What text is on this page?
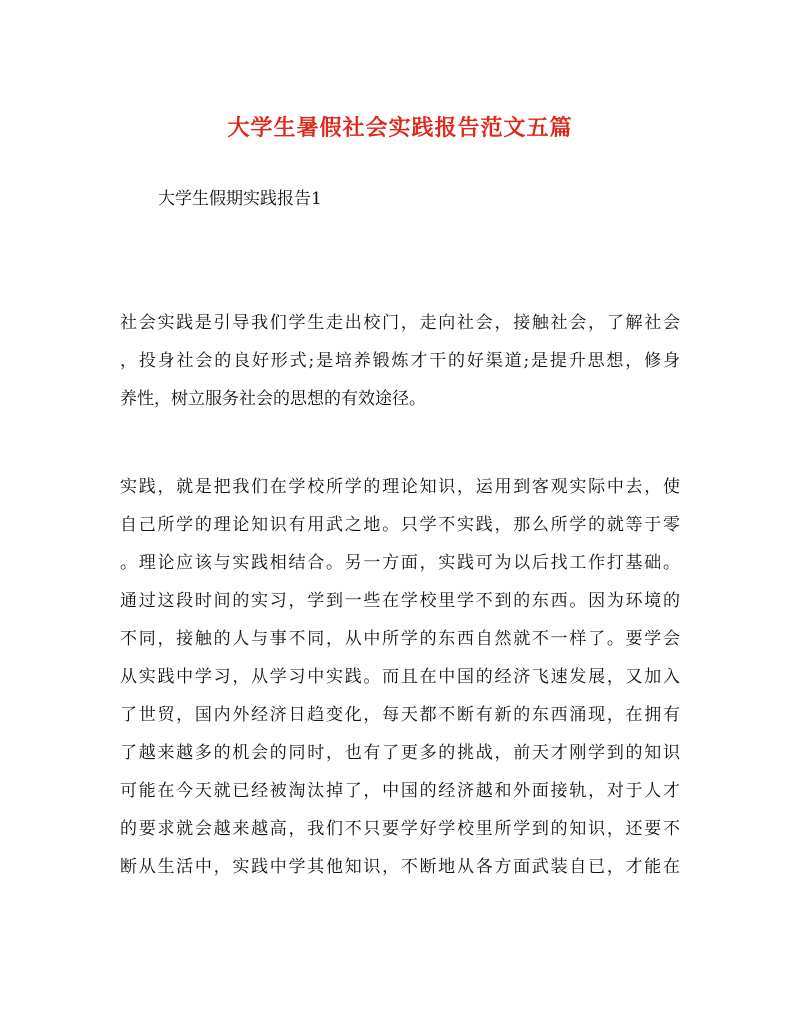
大学生暑假社会实践报告范文五篇
大学生假期实践报告1

社会实践是引导我们学生走出校门，走向社会，接触社会，了解社会
，投身社会的良好形式;是培养锻炼才干的好渠道;是提升思想，修身
养性，树立服务社会的思想的有效途径。

实践，就是把我们在学校所学的理论知识，运用到客观实际中去，使
自己所学的理论知识有用武之地。只学不实践，那么所学的就等于零
。理论应该与实践相结合。另一方面，实践可为以后找工作打基础。
通过这段时间的实习，学到一些在学校里学不到的东西。因为环境的
不同，接触的人与事不同，从中所学的东西自然就不一样了。要学会
从实践中学习，从学习中实践。而且在中国的经济飞速发展，又加入
了世贸，国内外经济日趋变化，每天都不断有新的东西涌现，在拥有
了越来越多的机会的同时，也有了更多的挑战，前天才刚学到的知识
可能在今天就已经被淘汰掉了，中国的经济越和外面接轨，对于人才
的要求就会越来越高，我们不只要学好学校里所学到的知识，还要不
断从生活中，实践中学其他知识，不断地从各方面武装自已，才能在
